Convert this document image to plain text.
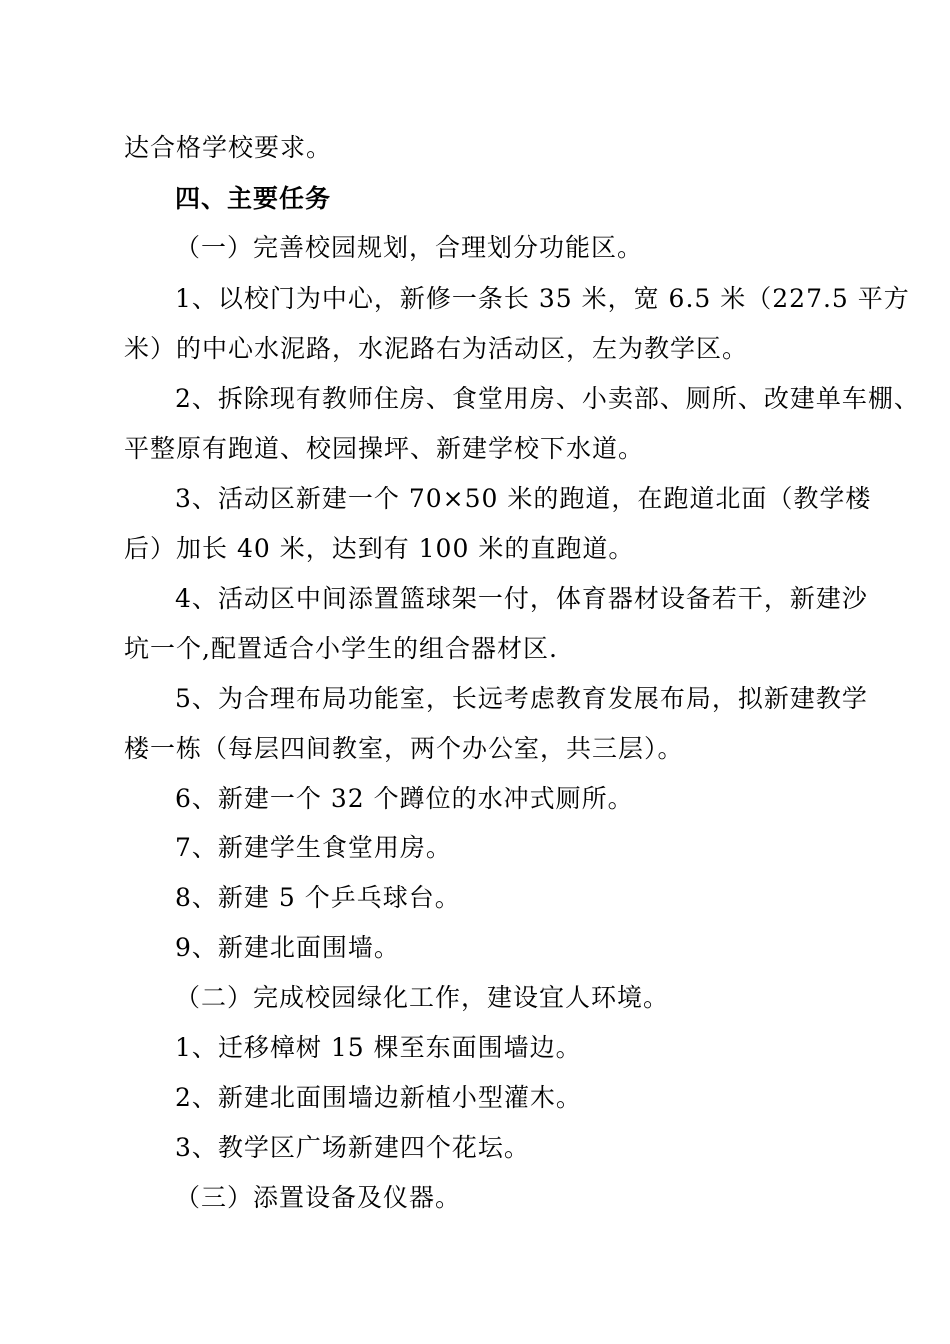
达合格学校要求。
四、主要任务
（一）完善校园规划，合理划分功能区。
1、以校门为中心，新修一条长 35 米，宽 6.5 米（227.5 平方
米）的中心水泥路，水泥路右为活动区，左为教学区。
2、拆除现有教师住房、食堂用房、小卖部、厕所、改建单车棚、
平整原有跑道、校园操坪、新建学校下水道。
3、活动区新建一个 70×50 米的跑道，在跑道北面（教学楼
后）加长 40 米，达到有 100 米的直跑道。
4、活动区中间添置篮球架一付，体育器材设备若干，新建沙
坑一个,配置适合小学生的组合器材区.
5、为合理布局功能室，长远考虑教育发展布局，拟新建教学
楼一栋（每层四间教室，两个办公室，共三层）。
6、新建一个 32 个蹲位的水冲式厕所。
7、新建学生食堂用房。
8、新建 5 个乒乓球台。
9、新建北面围墙。
（二）完成校园绿化工作，建设宜人环境。
1、迁移樟树 15 棵至东面围墙边。
2、新建北面围墙边新植小型灌木。
3、教学区广场新建四个花坛。
（三）添置设备及仪器。
